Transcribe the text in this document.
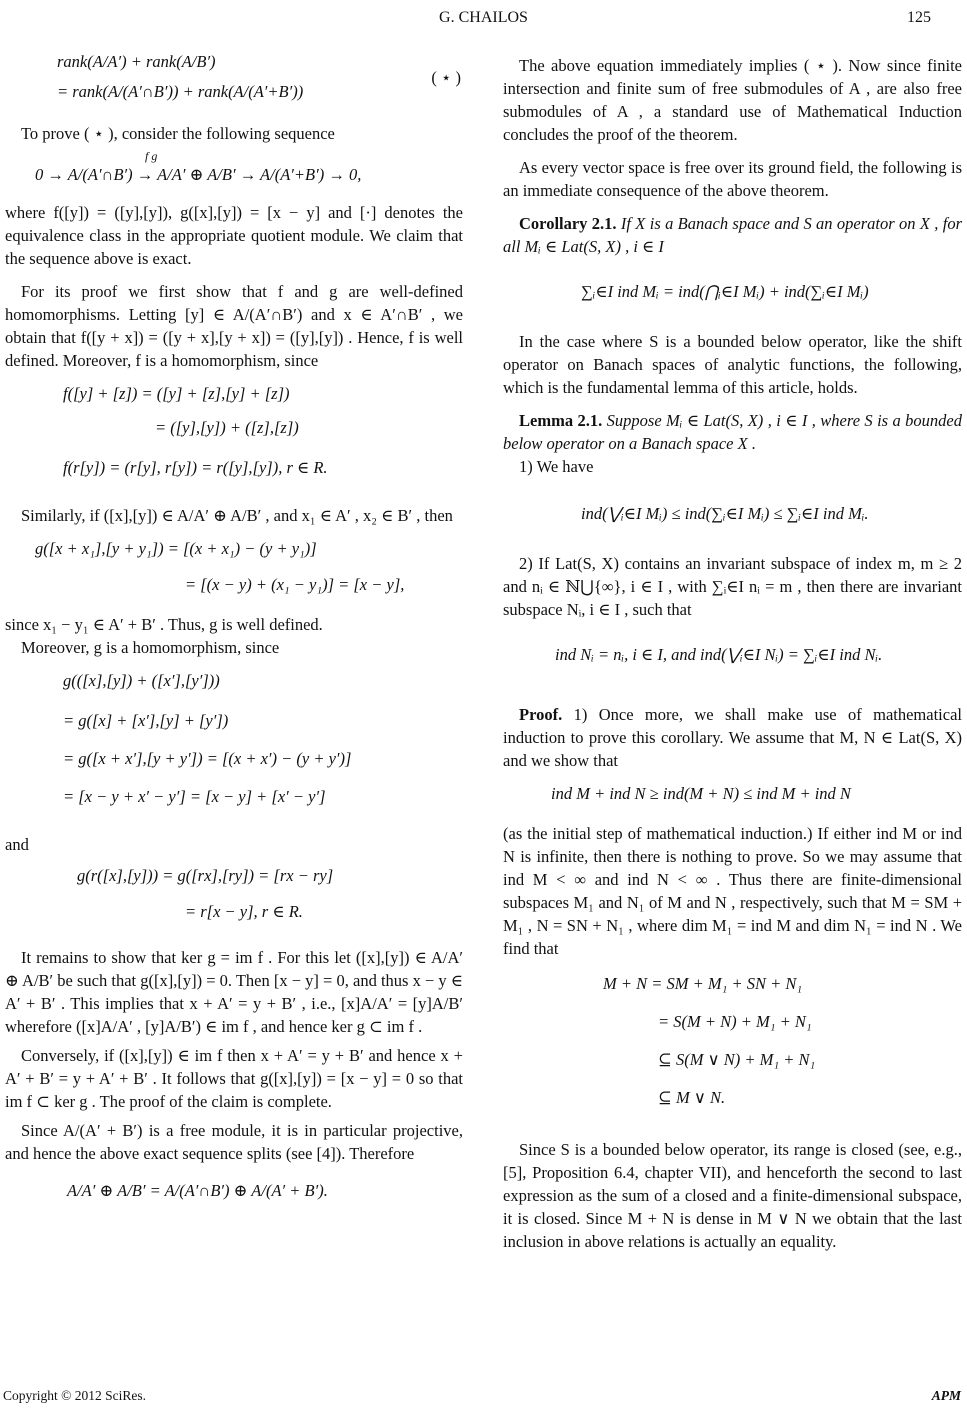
G. CHAILOS	125
rank(A/A′) + rank(A/B′)
= rank(A/(A′∩B′)) + rank(A/(A′+B′))
( ⋆ )

To prove ( ⋆ ), consider the following sequence

f g
0 → A/(A′∩B′) → A/A′ ⊕ A/B′ → A/(A′+B′) → 0,

where f([y]) = ([y],[y]), g([x],[y]) = [x − y] and [·] denotes the equivalence class in the appropriate quotient module. We claim that the sequence above is exact.

For its proof we first show that f and g are well-defined homomorphisms. Letting [y] ∈ A/(A′∩B′) and x ∈ A′∩B′ , we obtain that f([y + x]) = ([y + x],[y + x]) = ([y],[y]) . Hence, f is well defined. Moreover, f is a homomorphism, since

f([y] + [z]) = ([y] + [z],[y] + [z])
= ([y],[y]) + ([z],[z])
f(r[y]) = (r[y], r[y]) = r([y],[y]), r ∈ R.

Similarly, if ([x],[y]) ∈ A/A′ ⊕ A/B′ , and x₁ ∈ A′ , x₂ ∈ B′ , then

g([x + x₁],[y + y₁]) = [(x + x₁) − (y + y₁)]
= [(x − y) + (x₁ − y₁)] = [x − y],

since x₁ − y₁ ∈ A′ + B′ . Thus, g is well defined.

Moreover, g is a homomorphism, since

g(([x],[y]) + ([x′],[y′]))
= g([x] + [x′],[y] + [y′])
= g([x + x′],[y + y′]) = [(x + x′) − (y + y′)]
= [x − y + x′ − y′] = [x − y] + [x′ − y′]

and

g(r([x],[y])) = g([rx],[ry]) = [rx − ry]
= r[x − y], r ∈ R.

It remains to show that ker g = im f . For this let ([x],[y]) ∈ A/A′ ⊕ A/B′ be such that g([x],[y]) = 0. Then [x − y] = 0, and thus x − y ∈ A′ + B′ . This implies that x + A′ = y + B′ , i.e., [x]A/A′ = [y]A/B′ wherefore ([x]A/A′ , [y]A/B′) ∈ im f , and hence ker g ⊂ im f .

Conversely, if ([x],[y]) ∈ im f then x + A′ = y + B′ and hence x + A′ + B′ = y + A′ + B′ . It follows that g([x],[y]) = [x − y] = 0 so that im f ⊂ ker g . The proof of the claim is complete.

Since A/(A′ + B′) is a free module, it is in particular projective, and hence the above exact sequence splits (see [4]). Therefore

A/A′ ⊕ A/B′ = A/(A′∩B′) ⊕ A/(A′ + B′).

The above equation immediately implies ( ⋆ ). Now since finite intersection and finite sum of free submodules of A , are also free submodules of A , a standard use of Mathematical Induction concludes the proof of the theorem.

As every vector space is free over its ground field, the following is an immediate consequence of the above theorem.

Corollary 2.1. If X is a Banach space and S an operator on X , for all Mᵢ ∈ Lat(S, X) , i ∈ I

∑ᵢ∈I ind Mᵢ = ind(⋂ᵢ∈I Mᵢ) + ind(∑ᵢ∈I Mᵢ)

In the case where S is a bounded below operator, like the shift operator on Banach spaces of analytic functions, the following, which is the fundamental lemma of this article, holds.

Lemma 2.1. Suppose Mᵢ ∈ Lat(S, X) , i ∈ I , where S is a bounded below operator on a Banach space X .

1) We have

ind(⋁ᵢ∈I Mᵢ) ≤ ind(∑ᵢ∈I Mᵢ) ≤ ∑ᵢ∈I ind Mᵢ.

2) If Lat(S, X) contains an invariant subspace of index m, m ≥ 2 and nᵢ ∈ ℕ⋃{∞}, i ∈ I , with ∑ᵢ∈I nᵢ = m , then there are invariant subspace Nᵢ, i ∈ I , such that

ind Nᵢ = nᵢ, i ∈ I, and ind(⋁ᵢ∈I Nᵢ) = ∑ᵢ∈I ind Nᵢ.

Proof. 1) Once more, we shall make use of mathematical induction to prove this corollary. We assume that M, N ∈ Lat(S, X) and we show that

ind M + ind N ≥ ind(M + N) ≤ ind M + ind N

(as the initial step of mathematical induction.) If either ind M or ind N is infinite, then there is nothing to prove. So we may assume that ind M < ∞ and ind N < ∞ . Thus there are finite-dimensional subspaces M₁ and N₁ of M and N , respectively, such that M = SM + M₁ , N = SN + N₁ , where dim M₁ = ind M and dim N₁ = ind N . We find that

M + N = SM + M₁ + SN + N₁
= S(M + N) + M₁ + N₁
⊆ S(M ∨ N) + M₁ + N₁
⊆ M ∨ N.

Since S is a bounded below operator, its range is closed (see, e.g., [5], Proposition 6.4, chapter VII), and henceforth the second to last expression as the sum of a closed and a finite-dimensional subspace, it is closed. Since M + N is dense in M ∨ N we obtain that the last inclusion in above relations is actually an equality.

Copyright © 2012 SciRes.	APM
